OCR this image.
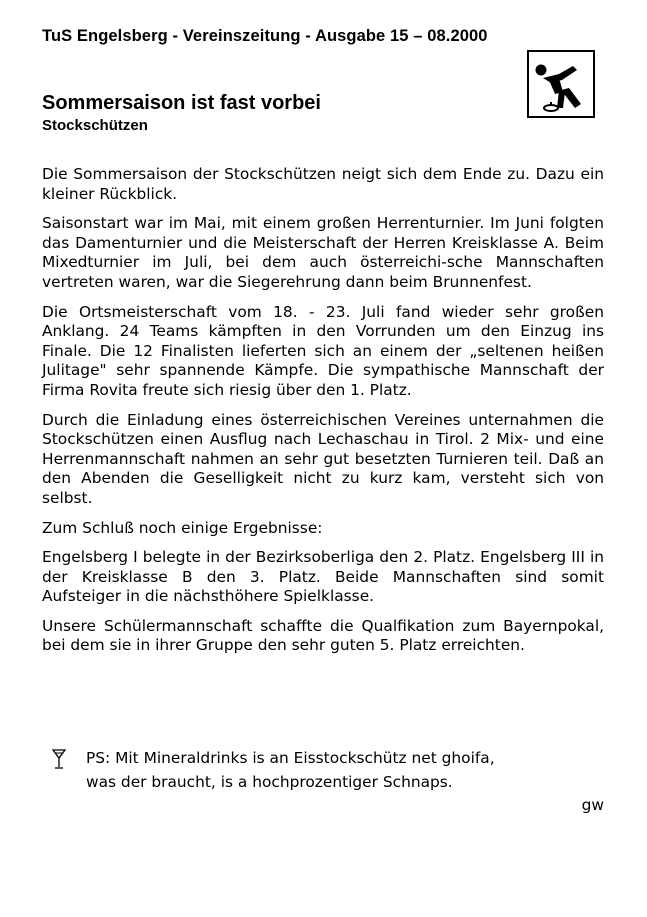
TuS Engelsberg - Vereinszeitung - Ausgabe 15 – 08.2000
Sommersaison ist fast vorbei
Stockschützen

Die Sommersaison der Stockschützen neigt sich dem Ende zu. Dazu ein kleiner Rückblick.

Saisonstart war im Mai, mit einem großen Herrenturnier. Im Juni folgten das Damenturnier und die Meisterschaft der Herren Kreisklasse A. Beim Mixedturnier im Juli, bei dem auch österreichi-sche Mannschaften vertreten waren, war die Siegerehrung dann beim Brunnenfest.

Die Ortsmeisterschaft vom 18. - 23. Juli fand wieder sehr großen Anklang. 24 Teams kämpften in den Vorrunden um den Einzug ins Finale. Die 12 Finalisten lieferten sich an einem der „seltenen heißen Julitage" sehr spannende Kämpfe. Die sympathische Mannschaft der Firma Rovita freute sich riesig über den 1. Platz.

Durch die Einladung eines österreichischen Vereines unternahmen die Stockschützen einen Ausflug nach Lechaschau in Tirol. 2 Mix- und eine Herrenmannschaft nahmen an sehr gut besetzten Turnieren teil. Daß an den Abenden die Geselligkeit nicht zu kurz kam, versteht sich von selbst.

Zum Schluß noch einige Ergebnisse:

Engelsberg I belegte in der Bezirksoberliga den 2. Platz. Engelsberg III in der Kreisklasse B den 3. Platz. Beide Mannschaften sind somit Aufsteiger in die nächsthöhere Spielklasse.

Unsere Schülermannschaft schaffte die Qualfikation zum Bayernpokal, bei dem sie in ihrer Gruppe den sehr guten 5. Platz erreichten.

PS: Mit Mineraldrinks is an Eisstockschütz net ghoifa,
was der braucht, is a hochprozentiger Schnaps.
gw
